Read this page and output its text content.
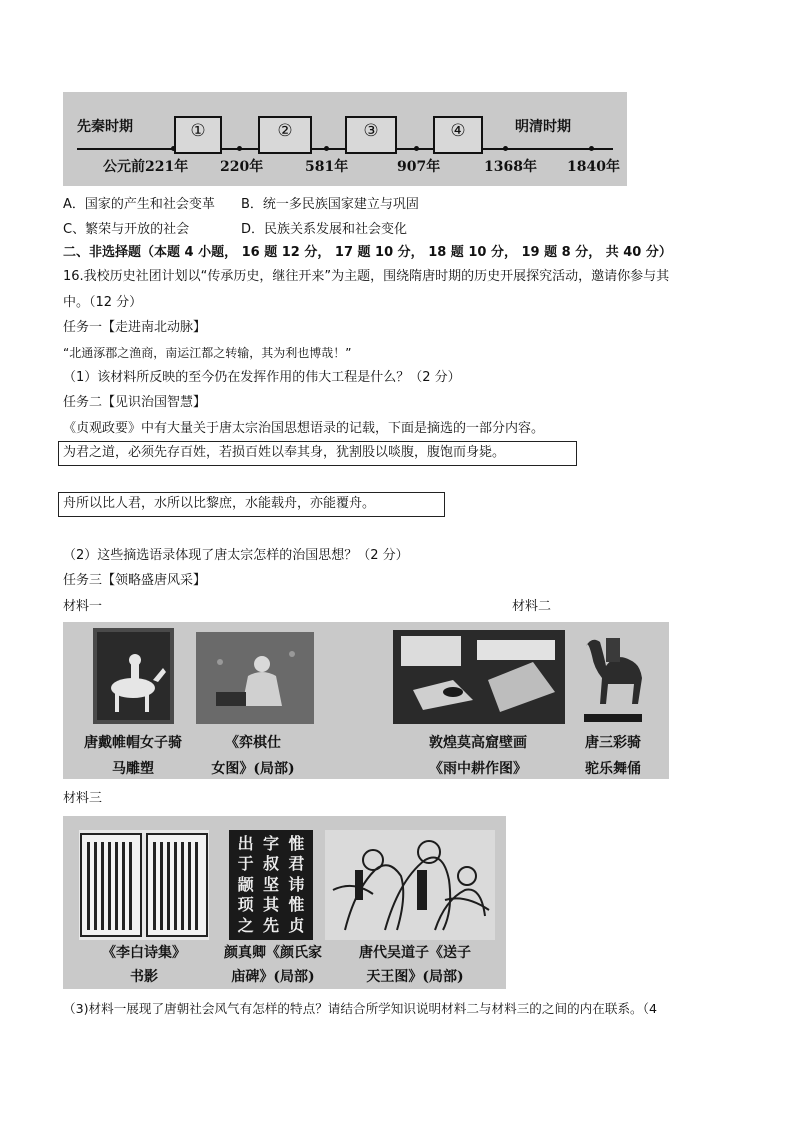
先秦时期	明清时期
①	②	③	④
公元前221年 220年	581年	907年	1368年 1840年
A．国家的产生和社会变革 B．统一多民族国家建立与巩固
C、繁荣与开放的社会	D．民族关系发展和社会变化
二、非选择题（本题 4 小题， 16 题 12 分， 17 题 10 分， 18 题 10 分， 19 题 8 分， 共 40 分）
16.我校历史社团计划以“传承历史，继往开来”为主题，围绕隋唐时期的历史开展探究活动，邀请你参与其
中。（12 分）
任务一【走进南北动脉】
“北通涿郡之渔商，南运江都之转输，其为利也博哉！”
（1）该材料所反映的至今仍在发挥作用的伟大工程是什么？（2 分）
任务二【见识治国智慧】
《贞观政要》中有大量关于唐太宗治国思想语录的记载，下面是摘选的一部分内容。
为君之道，必须先存百姓，若损百姓以奉其身，犹割股以啖腹，腹饱而身毙。
舟所以比人君，水所以比黎庶，水能载舟，亦能覆舟。
（2）这些摘选语录体现了唐太宗怎样的治国思想？（2 分）
任务三【领略盛唐风采】
材料一	材料二
唐戴帷帽女子骑
马雕塑
《弈棋仕
女图》(局部)
敦煌莫高窟壁画
《雨中耕作图》
唐三彩骑
驼乐舞俑
材料三
惟
君
讳
惟
贞
字
叔
坚
其
先
出
于
颛
顼
之
《李白诗集》
书影
颜真卿《颜氏家
庙碑》(局部)
唐代吴道子《送子
天王图》(局部)
（3)材料一展现了唐朝社会风气有怎样的特点？请结合所学知识说明材料二与材料三的之间的内在联系。（4
